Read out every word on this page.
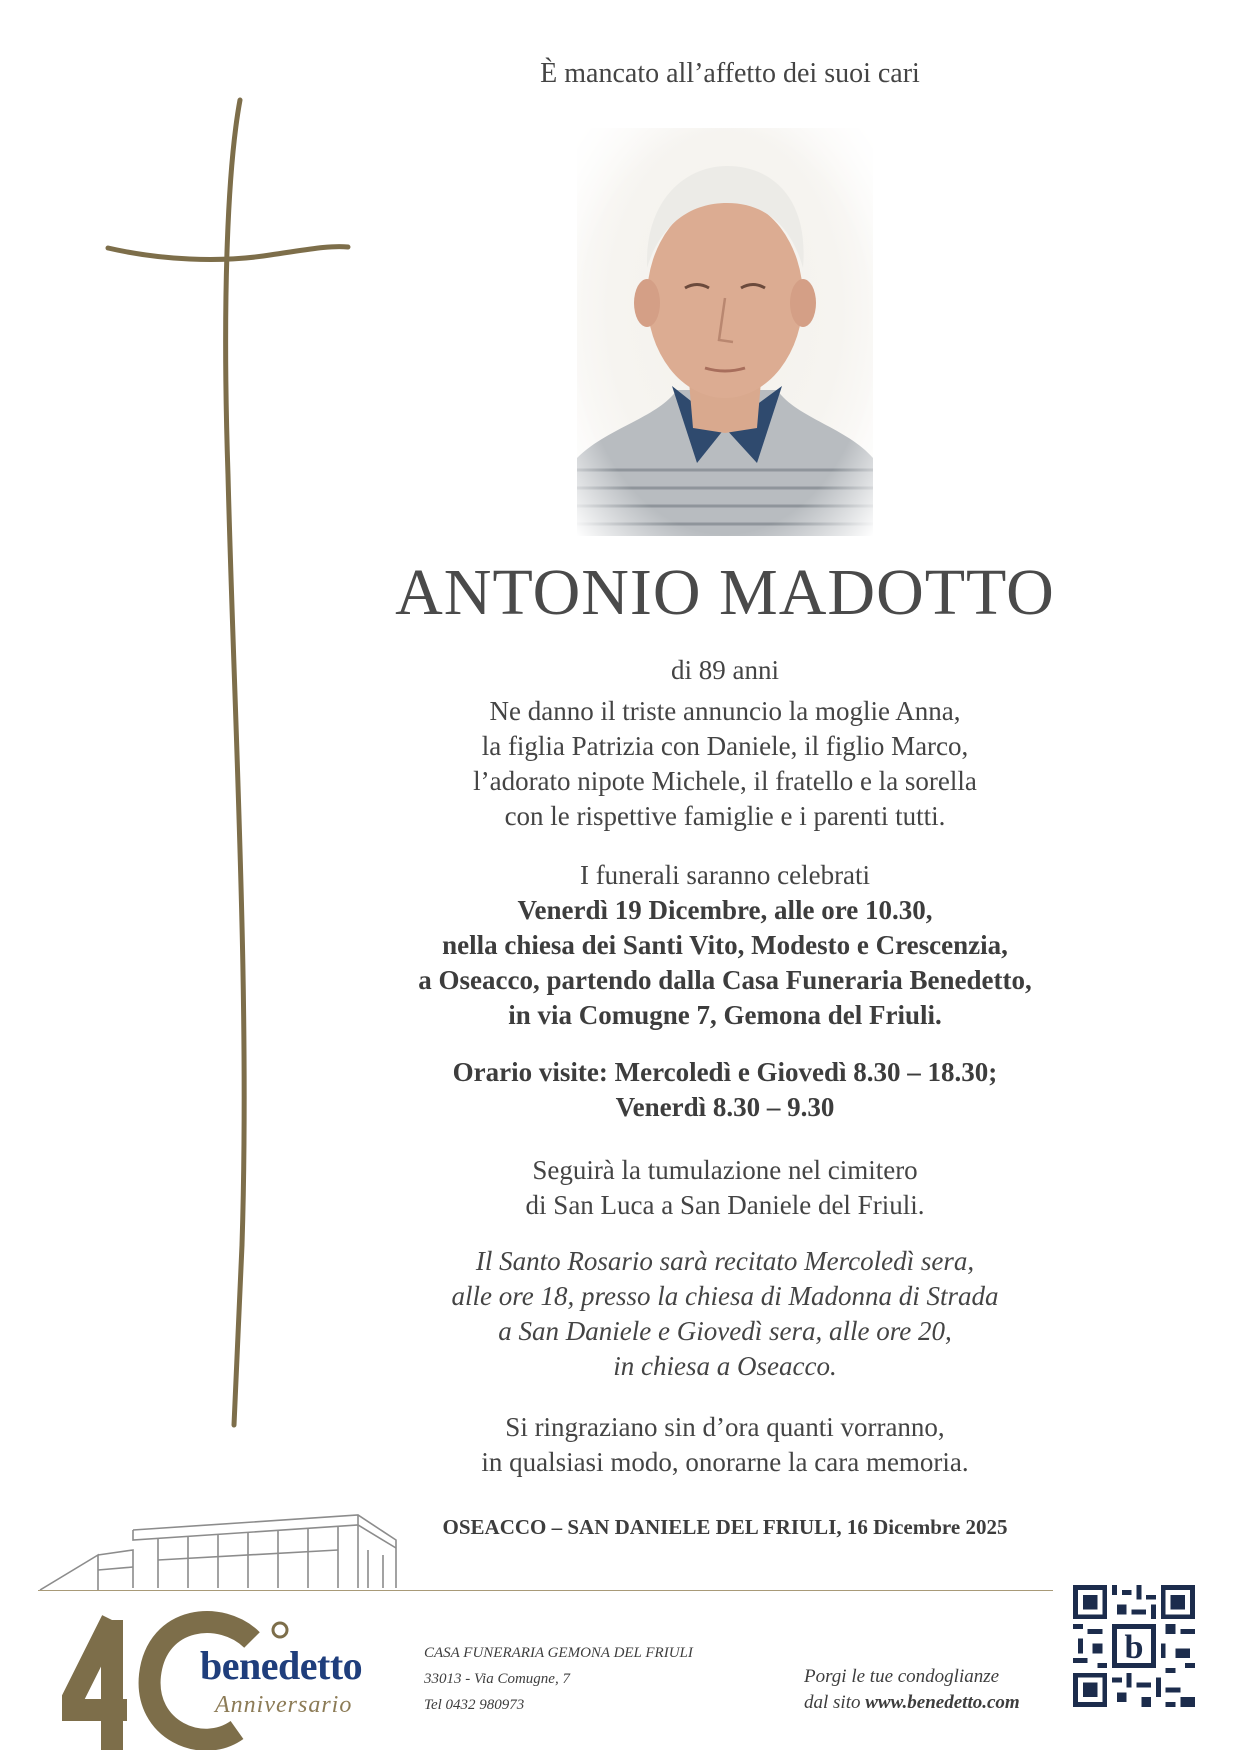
È mancato all’affetto dei suoi cari
ANTONIO MADOTTO
di 89 anni
Ne danno il triste annuncio la moglie Anna,
la figlia Patrizia con Daniele, il figlio Marco,
l’adorato nipote Michele, il fratello e la sorella
con le rispettive famiglie e i parenti tutti.
I funerali saranno celebrati
Venerdì 19 Dicembre, alle ore 10.30,
nella chiesa dei Santi Vito, Modesto e Crescenzia,
a Oseacco, partendo dalla Casa Funeraria Benedetto,
in via Comugne 7, Gemona del Friuli.
Orario visite: Mercoledì e Giovedì 8.30 – 18.30;
Venerdì 8.30 – 9.30
Seguirà la tumulazione nel cimitero
di San Luca a San Daniele del Friuli.
Il Santo Rosario sarà recitato Mercoledì sera,
alle ore 18, presso la chiesa di Madonna di Strada
a San Daniele e Giovedì sera, alle ore 20,
in chiesa a Oseacco.
Si ringraziano sin d’ora quanti vorranno,
in qualsiasi modo, onorarne la cara memoria.
OSEACCO – SAN DANIELE DEL FRIULI, 16 Dicembre 2025
benedetto
Anniversario
CASA FUNERARIA GEMONA DEL FRIULI
33013 - Via Comugne, 7
Tel 0432 980973
Porgi le tue condoglianze
dal sito www.benedetto.com
b
